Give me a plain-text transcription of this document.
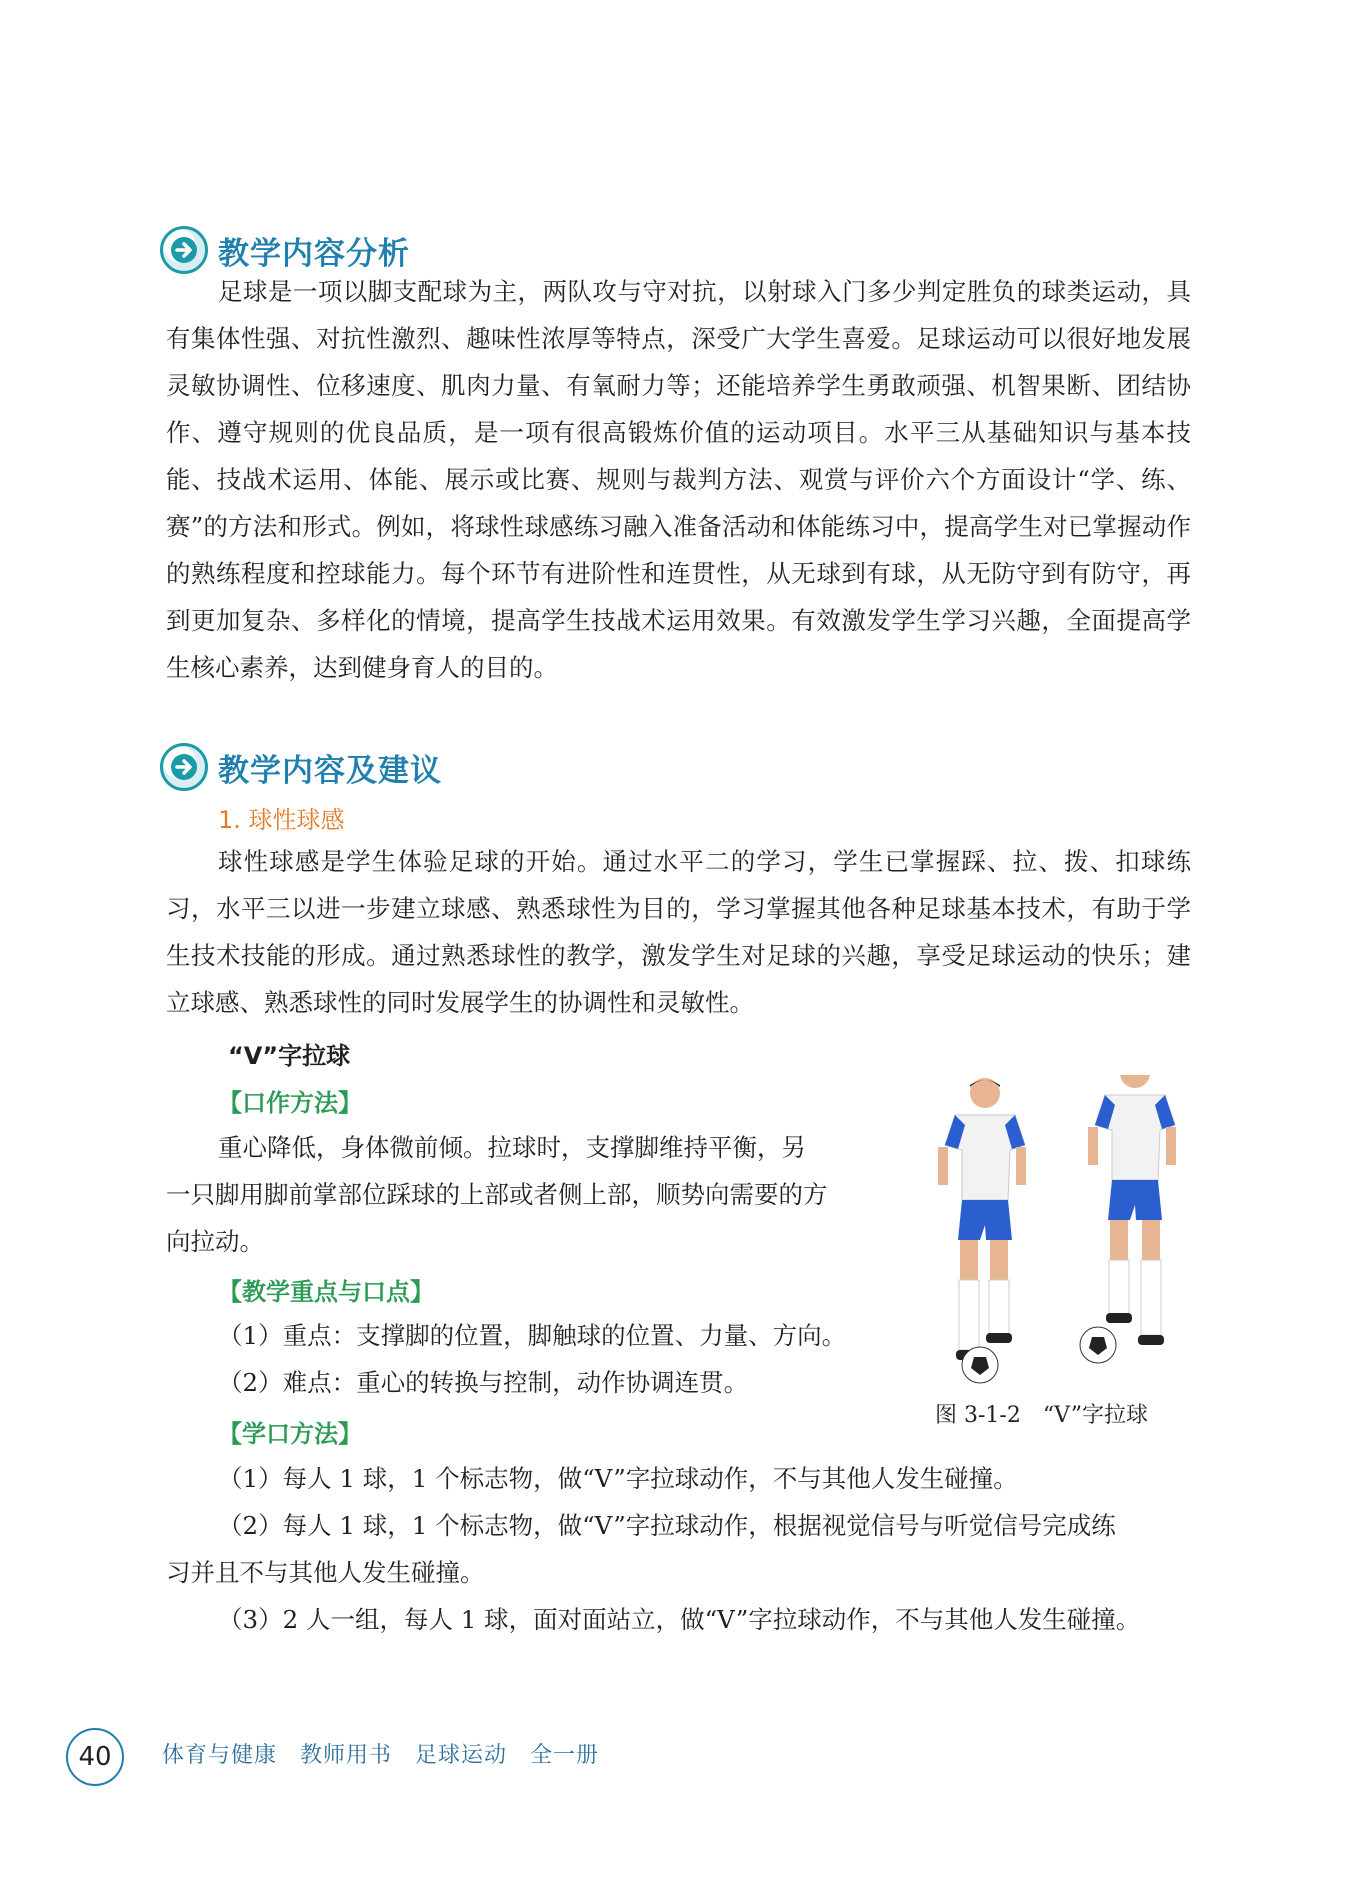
教学内容分析

足球是一项以脚支配球为主，两队攻与守对抗，以射球入门多少判定胜负的球类运动，具有集体性强、对抗性激烈、趣味性浓厚等特点，深受广大学生喜爱。足球运动可以很好地发展灵敏协调性、位移速度、肌肉力量、有氧耐力等；还能培养学生勇敢顽强、机智果断、团结协作、遵守规则的优良品质，是一项有很高锻炼价值的运动项目。水平三从基础知识与基本技能、技战术运用、体能、展示或比赛、规则与裁判方法、观赏与评价六个方面设计“学、练、赛”的方法和形式。例如，将球性球感练习融入准备活动和体能练习中，提高学生对已掌握动作的熟练程度和控球能力。每个环节有进阶性和连贯性，从无球到有球，从无防守到有防守，再到更加复杂、多样化的情境，提高学生技战术运用效果。有效激发学生学习兴趣，全面提高学生核心素养，达到健身育人的目的。

教学内容及建议
1. 球性球感

球性球感是学生体验足球的开始。通过水平二的学习，学生已掌握踩、拉、拨、扣球练习，水平三以进一步建立球感、熟悉球性为目的，学习掌握其他各种足球基本技术，有助于学生技术技能的形成。通过熟悉球性的教学，激发学生对足球的兴趣，享受足球运动的快乐；建立球感、熟悉球性的同时发展学生的协调性和灵敏性。

“V”字拉球
【口作方法】
重心降低，身体微前倾。拉球时，支撑脚维持平衡，另
一只脚用脚前掌部位踩球的上部或者侧上部，顺势向需要的方
向拉动。
【教学重点与口点】
（1）重点：支撑脚的位置，脚触球的位置、力量、方向。
（2）难点：重心的转换与控制，动作协调连贯。
【学口方法】
（1）每人 1 球，1 个标志物，做“V”字拉球动作，不与其他人发生碰撞。
（2）每人 1 球，1 个标志物，做“V”字拉球动作，根据视觉信号与听觉信号完成练
习并且不与其他人发生碰撞。
（3）2 人一组，每人 1 球，面对面站立，做“V”字拉球动作，不与其他人发生碰撞。
图 3-1-2　“V”字拉球
40 体育与健康　教师用书　足球运动　全一册
